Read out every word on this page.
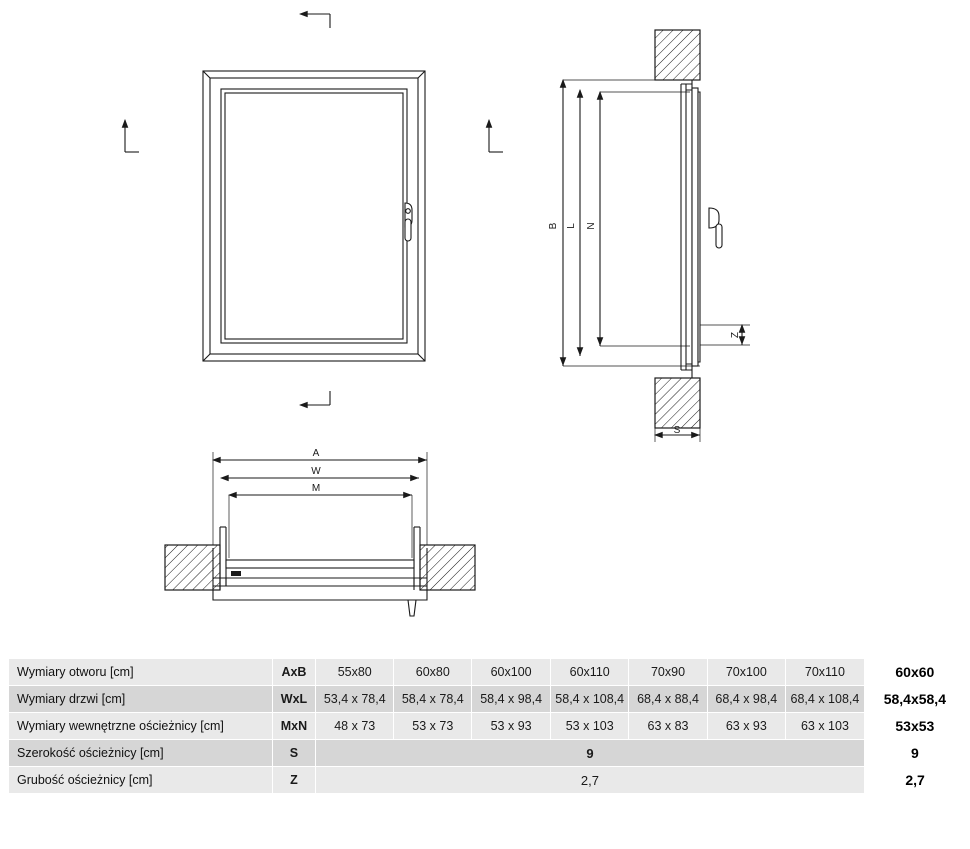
A
W
M
B L N
Z
S
Wymiary otworu [cm]	AxB	55x80	60x80	60x100	60x110	70x90	70x100	70x110	60x60
Wymiary drzwi [cm]	WxL	53,4 x 78,4	58,4 x 78,4	58,4 x 98,4	58,4 x 108,4	68,4 x 88,4	68,4 x 98,4	68,4 x 108,4	58,4x58,4
Wymiary wewnętrzne ościeżnicy [cm]	MxN	48 x 73	53 x 73	53 x 93	53 x 103	63 x 83	63 x 93	63 x 103	53x53
Szerokość ościeżnicy [cm]	S	9							9
Grubość ościeżnicy [cm]	Z	2,7							2,7
